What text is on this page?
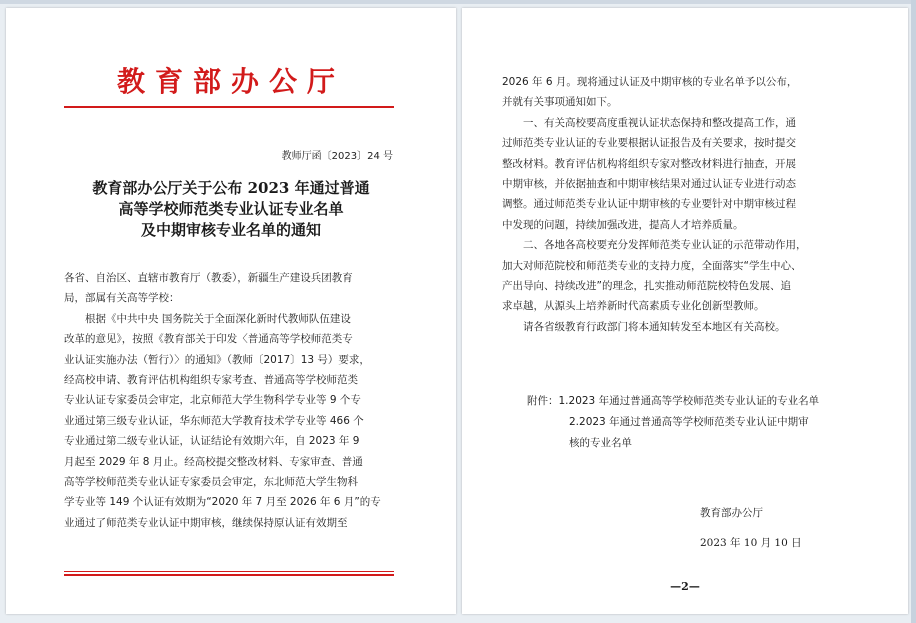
教育部办公厅
教师厅函〔2023〕24 号
教育部办公厅关于公布 2023 年通过普通
高等学校师范类专业认证专业名单
及中期审核专业名单的通知

各省、自治区、直辖市教育厅（教委），新疆生产建设兵团教育

局，部属有关高等学校：

　　根据《中共中央 国务院关于全面深化新时代教师队伍建设

改革的意见》，按照《教育部关于印发〈普通高等学校师范类专

业认证实施办法（暂行）〉的通知》（教师〔2017〕13 号）要求，

经高校申请、教育评估机构组织专家考查、普通高等学校师范类

专业认证专家委员会审定，北京师范大学生物科学专业等 9 个专

业通过第三级专业认证，华东师范大学教育技术学专业等 466 个

专业通过第二级专业认证，认证结论有效期六年，自 2023 年 9

月起至 2029 年 8 月止。经高校提交整改材料、专家审查、普通

高等学校师范类专业认证专家委员会审定，东北师范大学生物科

学专业等 149 个认证有效期为“2020 年 7 月至 2026 年 6 月”的专

业通过了师范类专业认证中期审核，继续保持原认证有效期至

2026 年 6 月。现将通过认证及中期审核的专业名单予以公布，

并就有关事项通知如下。

　　一、有关高校要高度重视认证状态保持和整改提高工作，通

过师范类专业认证的专业要根据认证报告及有关要求，按时提交

整改材料。教育评估机构将组织专家对整改材料进行抽查，开展

中期审核，并依据抽查和中期审核结果对通过认证专业进行动态

调整。通过师范类专业认证中期审核的专业要针对中期审核过程

中发现的问题，持续加强改进，提高人才培养质量。

　　二、各地各高校要充分发挥师范类专业认证的示范带动作用，

加大对师范院校和师范类专业的支持力度，全面落实“学生中心、

产出导向、持续改进”的理念，扎实推动师范院校特色发展、追

求卓越，从源头上培养新时代高素质专业化创新型教师。

　　请各省级教育行政部门将本通知转发至本地区有关高校。

附件：1.2023 年通过普通高等学校师范类专业认证的专业名单
2.2023 年通过普通高等学校师范类专业认证中期审
核的专业名单
教育部办公厅
2023 年 10 月 10 日
—2—
